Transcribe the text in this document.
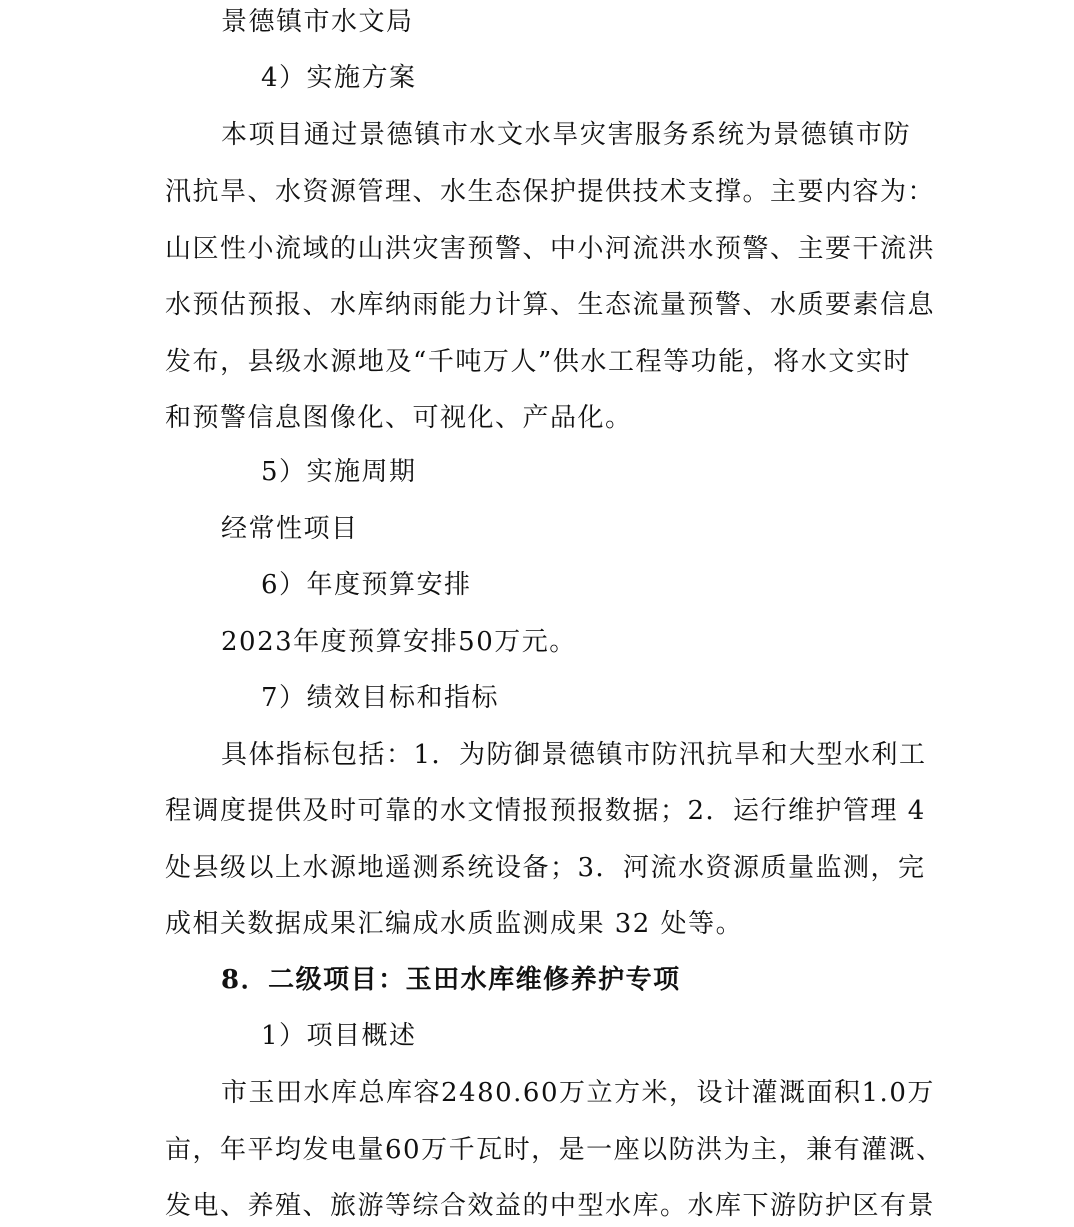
景德镇市水文局
4）实施方案
本项目通过景德镇市水文水旱灾害服务系统为景德镇市防
汛抗旱、水资源管理、水生态保护提供技术支撑。主要内容为：
山区性小流域的山洪灾害预警、中小河流洪水预警、主要干流洪
水预估预报、水库纳雨能力计算、生态流量预警、水质要素信息
发布，县级水源地及“千吨万人”供水工程等功能，将水文实时
和预警信息图像化、可视化、产品化。
5）实施周期
经常性项目
6）年度预算安排
2023年度预算安排50万元。
7）绩效目标和指标
具体指标包括：1．为防御景德镇市防汛抗旱和大型水利工
程调度提供及时可靠的水文情报预报数据；2．运行维护管理 4
处县级以上水源地遥测系统设备；3．河流水资源质量监测，完
成相关数据成果汇编成水质监测成果 32 处等。
8．二级项目：玉田水库维修养护专项
1）项目概述
市玉田水库总库容2480.60万立方米，设计灌溉面积1.0万
亩，年平均发电量60万千瓦时，是一座以防洪为主，兼有灌溉、
发电、养殖、旅游等综合效益的中型水库。水库下游防护区有景
